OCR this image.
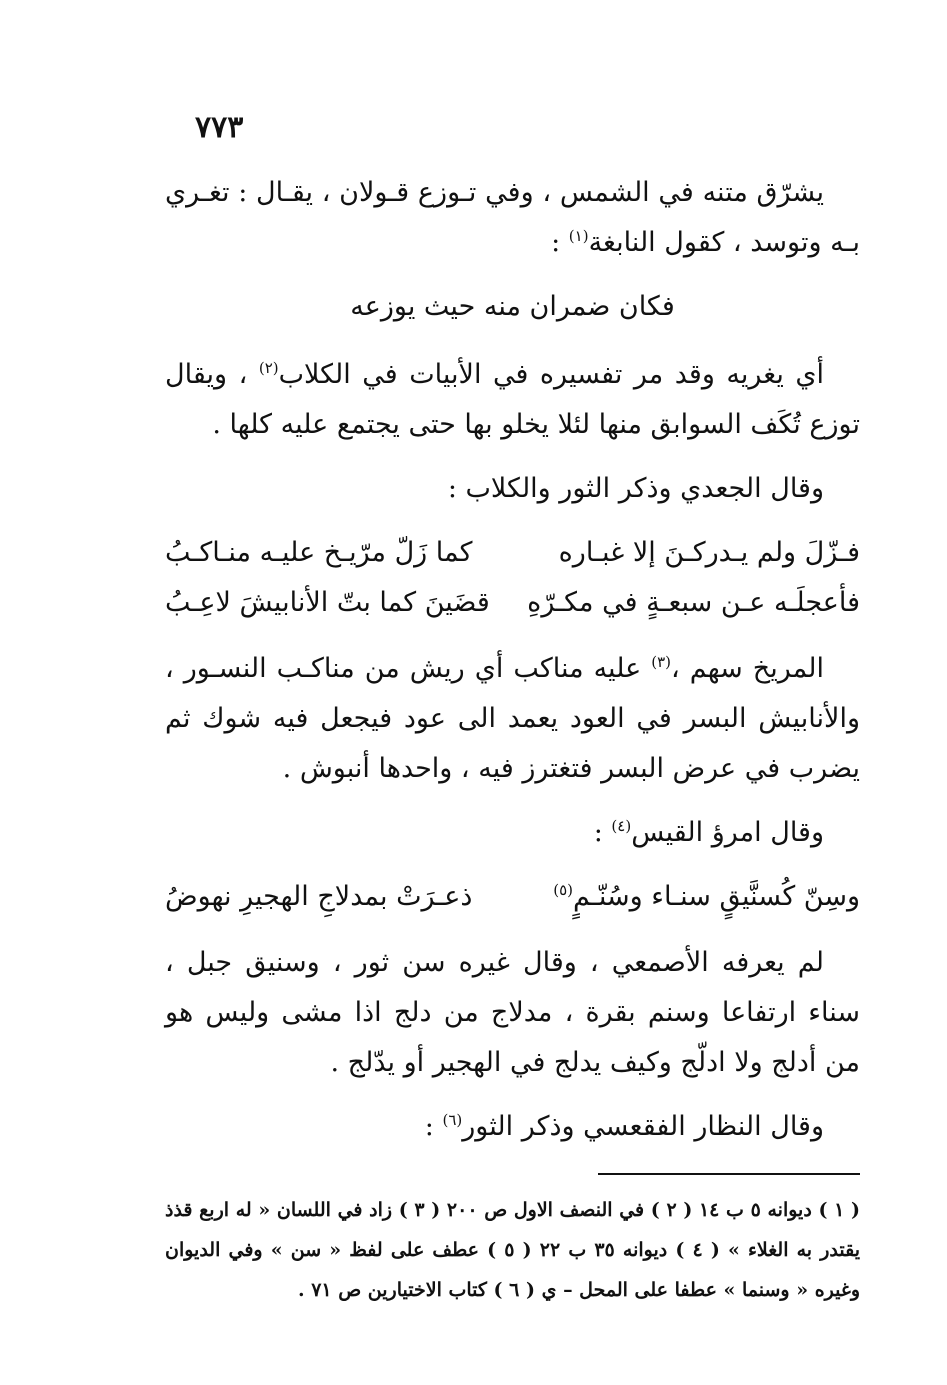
٧٧٣

يشرّق متنه في الشمس ، وفي تـوزع قـولان ، يقـال : تغـري بـه وتوسد ، كقول النابغة$^{(١)}$ :

فكان ضمران منه حيث يوزعه

أي يغريه وقد مر تفسيره في الأبيات في الكلاب$^{(٢)}$ ، ويقال توزع تُكَف السوابق منها لئلا يخلو بها حتى يجتمع عليه كلها .

وقال الجعدي وذكر الثور والكلاب :

فـزّلَ ولم يـدركـنَ إلا غبـاره
كما زَلّ مرّيـخ عليـه منـاكـبُ
فأعجلَـه عـن سبعـةٍ في مكـرّهِ
قضَينَ كما بتّ الأنابيشَ لاعِـبُ

المريخ سهم ،$^{(٣)}$ عليه مناكب أي ريش من مناكـب النسـور ، والأنابيش البسر في العود يعمد الى عود فيجعل فيه شوك ثم يضرب في عرض البسر فتغترز فيه ، واحدها أنبوش .

وقال امرؤ القيس$^{(٤)}$ :

وسِنّ كُسنَّيقٍ سنـاء وسُنّـمٍ$^{(٥)}$
ذعـرَتْ بمدلاجِ الهجيرِ نهوضُ

لم يعرفه الأصمعي ، وقال غيره سن ثور ، وسنيق جبل ، سناء ارتفاعا وسنم بقرة ، مدلاج من دلج اذا مشى وليس هو من أدلج ولا ادلّج وكيف يدلج في الهجير أو يدّلج .

وقال النظار الفقعسي وذكر الثور$^{(٦)}$ :

( ١ ) ديوانه ٥ ب ١٤ ( ٢ ) في النصف الاول ص ٢٠٠ ( ٣ ) زاد في اللسان « له اربع قذذ يقتدر به الغلاء » ( ٤ ) ديوانه ٣٥ ب ٢٢ ( ٥ ) عطف على لفظ « سن » وفي الديوان وغيره « وسنما » عطفا على المحل – ي ( ٦ ) كتاب الاختيارين ص ٧١ .
